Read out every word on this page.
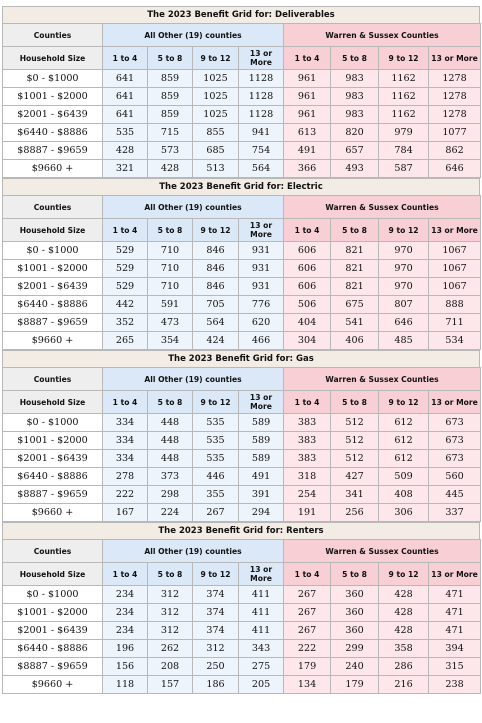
The 2023 Benefit Grid for: Deliverables
Counties	All Other (19) counties				Warren & Sussex Counties			
Household Size	1 to 4	5 to 8	9 to 12	13 or More	1 to 4	5 to 8	9 to 12	13 or More
$0 - $1000	641	859	1025	1128	961	983	1162	1278
$1001 - $2000	641	859	1025	1128	961	983	1162	1278
$2001 - $6439	641	859	1025	1128	961	983	1162	1278
$6440 - $8886	535	715	855	941	613	820	979	1077
$8887 - $9659	428	573	685	754	491	657	784	862
$9660 +	321	428	513	564	366	493	587	646
The 2023 Benefit Grid for: Electric
Counties	All Other (19) counties				Warren & Sussex Counties			
Household Size	1 to 4	5 to 8	9 to 12	13 or More	1 to 4	5 to 8	9 to 12	13 or More
$0 - $1000	529	710	846	931	606	821	970	1067
$1001 - $2000	529	710	846	931	606	821	970	1067
$2001 - $6439	529	710	846	931	606	821	970	1067
$6440 - $8886	442	591	705	776	506	675	807	888
$8887 - $9659	352	473	564	620	404	541	646	711
$9660 +	265	354	424	466	304	406	485	534
The 2023 Benefit Grid for: Gas
Counties	All Other (19) counties				Warren & Sussex Counties			
Household Size	1 to 4	5 to 8	9 to 12	13 or More	1 to 4	5 to 8	9 to 12	13 or More
$0 - $1000	334	448	535	589	383	512	612	673
$1001 - $2000	334	448	535	589	383	512	612	673
$2001 - $6439	334	448	535	589	383	512	612	673
$6440 - $8886	278	373	446	491	318	427	509	560
$8887 - $9659	222	298	355	391	254	341	408	445
$9660 +	167	224	267	294	191	256	306	337
The 2023 Benefit Grid for: Renters
Counties	All Other (19) counties				Warren & Sussex Counties			
Household Size	1 to 4	5 to 8	9 to 12	13 or More	1 to 4	5 to 8	9 to 12	13 or More
$0 - $1000	234	312	374	411	267	360	428	471
$1001 - $2000	234	312	374	411	267	360	428	471
$2001 - $6439	234	312	374	411	267	360	428	471
$6440 - $8886	196	262	312	343	222	299	358	394
$8887 - $9659	156	208	250	275	179	240	286	315
$9660 +	118	157	186	205	134	179	216	238
